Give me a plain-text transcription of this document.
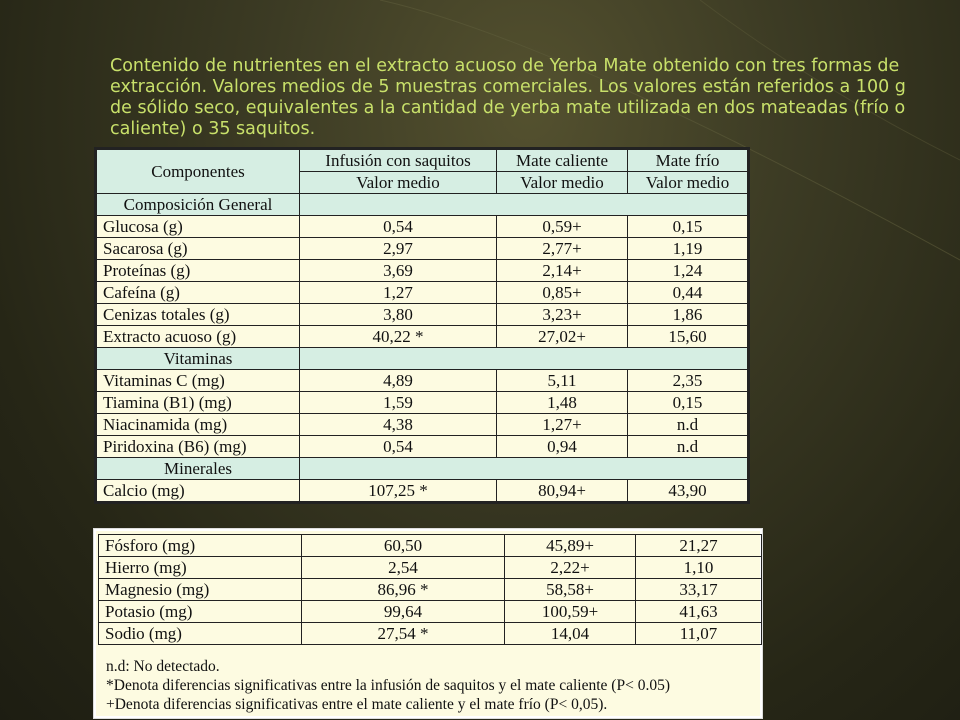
Contenido de nutrientes en el extracto acuoso de Yerba Mate obtenido con tres formas de extracción. Valores medios de 5 muestras comerciales. Los valores están referidos a 100 g de sólido seco, equivalentes a la cantidad de yerba mate utilizada en dos mateadas (frío o caliente) o 35 saquitos.
Componentes	Infusión con saquitos	Mate caliente	Mate frío
	Valor medio	Valor medio	Valor medio
Composición General			
Glucosa (g)	0,54	0,59+	0,15
Sacarosa (g)	2,97	2,77+	1,19
Proteínas (g)	3,69	2,14+	1,24
Cafeína (g)	1,27	0,85+	0,44
Cenizas totales (g)	3,80	3,23+	1,86
Extracto acuoso (g)	40,22 *	27,02+	15,60
Vitaminas			
Vitaminas C (mg)	4,89	5,11	2,35
Tiamina (B1) (mg)	1,59	1,48	0,15
Niacinamida (mg)	4,38	1,27+	n.d
Piridoxina (B6) (mg)	0,54	0,94	n.d
Minerales			
Calcio (mg)	107,25 *	80,94+	43,90
Fósforo (mg)	60,50	45,89+	21,27
Hierro (mg)	2,54	2,22+	1,10
Magnesio (mg)	86,96 *	58,58+	33,17
Potasio (mg)	99,64	100,59+	41,63
Sodio (mg)	27,54 *	14,04	11,07
n.d: No detectado.
*Denota diferencias significativas entre la infusión de saquitos y el mate caliente (P< 0.05)
+Denota diferencias significativas entre el mate caliente y el mate frío (P< 0,05).
